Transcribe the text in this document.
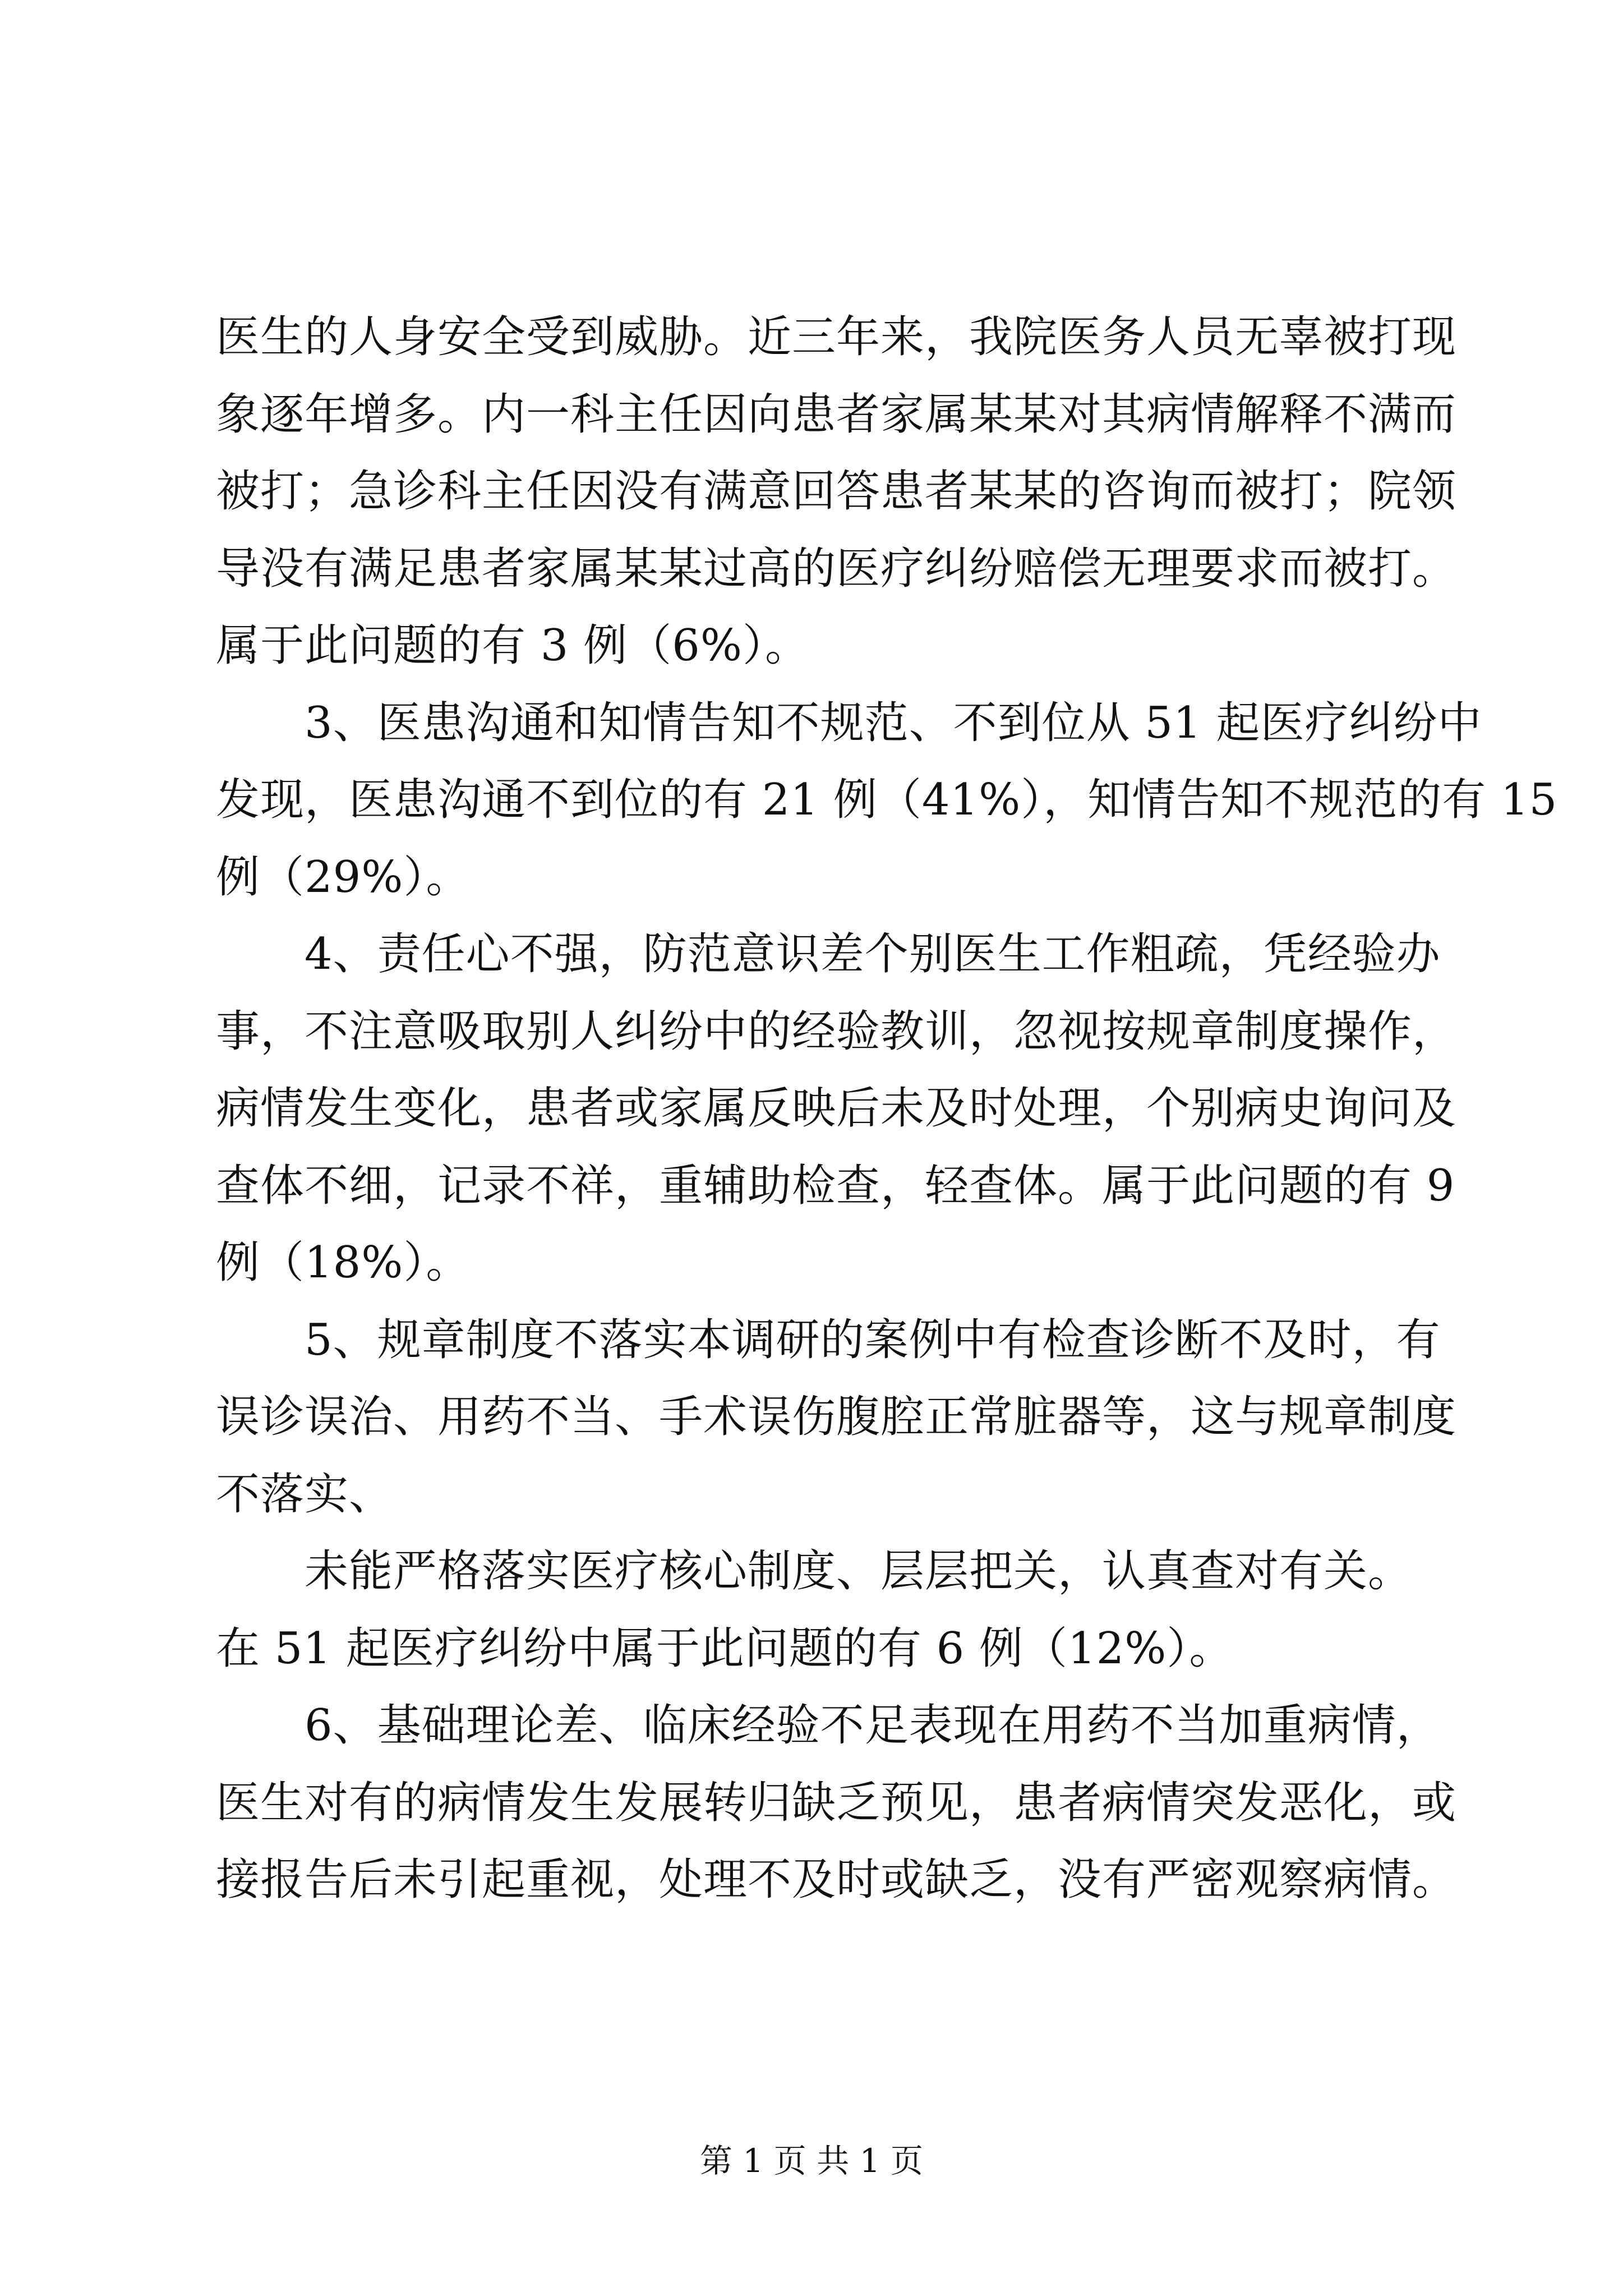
医生的人身安全受到威胁。近三年来，我院医务人员无辜被打现
象逐年增多。内一科主任因向患者家属某某对其病情解释不满而
被打；急诊科主任因没有满意回答患者某某的咨询而被打；院领
导没有满足患者家属某某过高的医疗纠纷赔偿无理要求而被打。
属于此问题的有 3 例（6%）。
　　3、医患沟通和知情告知不规范、不到位从 51 起医疗纠纷中
发现，医患沟通不到位的有 21 例（41%），知情告知不规范的有 15
例（29%）。
　　4、责任心不强，防范意识差个别医生工作粗疏，凭经验办
事，不注意吸取别人纠纷中的经验教训，忽视按规章制度操作，
病情发生变化，患者或家属反映后未及时处理，个别病史询问及
查体不细，记录不祥，重辅助检查，轻查体。属于此问题的有 9
例（18%）。
　　5、规章制度不落实本调研的案例中有检查诊断不及时，有
误诊误治、用药不当、手术误伤腹腔正常脏器等，这与规章制度
不落实、
　　未能严格落实医疗核心制度、层层把关，认真查对有关。
在 51 起医疗纠纷中属于此问题的有 6 例（12%）。
　　6、基础理论差、临床经验不足表现在用药不当加重病情，
医生对有的病情发生发展转归缺乏预见，患者病情突发恶化，或
接报告后未引起重视，处理不及时或缺乏，没有严密观察病情。
第 1 页 共 1 页
